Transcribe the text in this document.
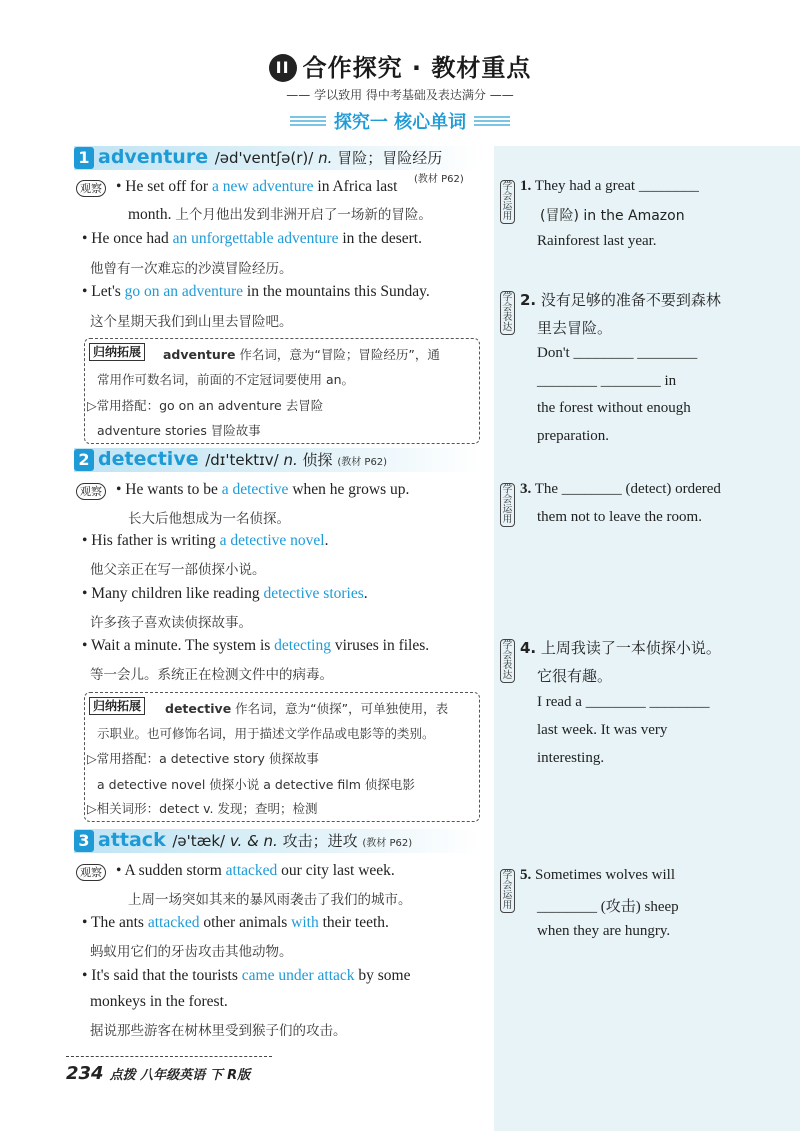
II 合作探究 · 教材重点
—— 学以致用 得中考基础及表达满分 ——
探究一 核心单词
1 adventure /əd'ventʃə(r)/ n. 冒险；冒险经历
(教材 P62)
观察 • He set off for a new adventure in Africa last
month. 上个月他出发到非洲开启了一场新的冒险。
• He once had an unforgettable adventure in the desert.
他曾有一次难忘的沙漠冒险经历。
• Let's go on an adventure in the mountains this Sunday.
这个星期天我们到山里去冒险吧。
归纳拓展	adventure 作名词，意为“冒险；冒险经历”，通
常用作可数名词，前面的不定冠词要使用 an。
▷常用搭配：go on an adventure 去冒险
adventure stories 冒险故事
2 detective /dɪ'tektɪv/ n. 侦探 (教材 P62)
观察 • He wants to be a detective when he grows up.
长大后他想成为一名侦探。
• His father is writing a detective novel.
他父亲正在写一部侦探小说。
• Many children like reading detective stories.
许多孩子喜欢读侦探故事。
• Wait a minute. The system is detecting viruses in files.
等一会儿。系统正在检测文件中的病毒。
归纳拓展	detective 作名词，意为“侦探”，可单独使用，表
示职业。也可修饰名词，用于描述文学作品或电影等的类别。
▷常用搭配：a detective story 侦探故事
a detective novel 侦探小说 a detective film 侦探电影
▷相关词形：detect v. 发现；查明；检测
3 attack /ə'tæk/ v. & n. 攻击；进攻 (教材 P62)
观察 • A sudden storm attacked our city last week.
上周一场突如其来的暴风雨袭击了我们的城市。
• The ants attacked other animals with their teeth.
蚂蚁用它们的牙齿攻击其他动物。
• It's said that the tourists came under attack by some
monkeys in the forest.
据说那些游客在树林里受到猴子们的攻击。
学会运用
1. They had a great ________
(冒险) in the Amazon
Rainforest last year.
学会表达
2. 没有足够的准备不要到森林
里去冒险。
Don't ________ ________
________ ________ in
the forest without enough
preparation.
学会运用
3. The ________ (detect) ordered
them not to leave the room.
学会表达
4. 上周我读了一本侦探小说。
它很有趣。
I read a ________ ________
last week. It was very
interesting.
学会运用
5. Sometimes wolves will
________ (攻击) sheep
when they are hungry.
234 点拨 八年级英语 下 R版
